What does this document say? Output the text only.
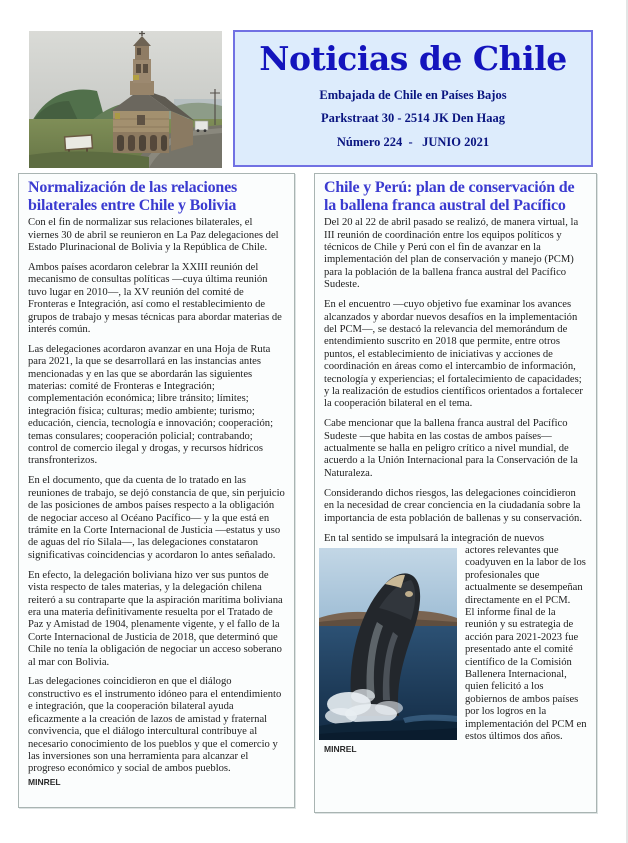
Noticias de Chile
Embajada de Chile en Países Bajos
Parkstraat 30 - 2514 JK Den Haag
Número 224  -   JUNIO 2021
Normalización de las relaciones bilaterales entre Chile y Bolivia

Con el fin de normalizar sus relaciones bilaterales, el viernes 30 de abril se reunieron en La Paz delegaciones del Estado Plurinacional de Bolivia y la República de Chile.

Ambos países acordaron celebrar la XXIII reunión del mecanismo de consultas políticas —cuya última reunión tuvo lugar en 2010—, la XV reunión del comité de Fronteras e Integración, así como el restablecimiento de grupos de trabajo y mesas técnicas para abordar materias de interés común.

Las delegaciones acordaron avanzar en una Hoja de Ruta para 2021, la que se desarrollará en las instancias antes mencionadas y en las que se abordarán las siguientes materias: comité de Fronteras e Integración; complementación económica; libre tránsito; límites; integración física; culturas; medio ambiente; turismo; educación, ciencia, tecnología e innovación; cooperación; temas consulares; cooperación policial; contrabando; control de comercio ilegal y drogas, y recursos hídricos transfronterizos.

En el documento, que da cuenta de lo tratado en las reuniones de trabajo, se dejó constancia de que, sin perjuicio de las posiciones de ambos países respecto a la obligación de negociar acceso al Océano Pacífico— y la que está en trámite en la Corte Internacional de Justicia —estatus y uso de aguas del río Silala—, las delegaciones constataron significativas coincidencias y acordaron lo antes señalado.

En efecto, la delegación boliviana hizo ver sus puntos de vista respecto de tales materias, y la delegación chilena reiteró a su contraparte que la aspiración marítima boliviana era una materia definitivamente resuelta por el Tratado de Paz y Amistad de 1904, plenamente vigente, y el fallo de la Corte Internacional de Justicia de 2018, que determinó que Chile no tenía la obligación de negociar un acceso soberano al mar con Bolivia.

Las delegaciones coincidieron en que el diálogo constructivo es el instrumento idóneo para el entendimiento e integración, que la cooperación bilateral ayuda eficazmente a la creación de lazos de amistad y fraternal convivencia, que el diálogo intercultural contribuye al necesario conocimiento de los pueblos y que el comercio y las inversiones son una herramienta para alcanzar el progreso económico y social de ambos pueblos.

MINREL
Chile y Perú: plan de conservación de la ballena franca austral del Pacífico

Del 20 al 22 de abril pasado se realizó, de manera virtual, la III reunión de coordinación entre los equipos políticos y técnicos de Chile y Perú con el fin de avanzar en la implementación del plan de conservación y manejo (PCM) para la población de la ballena franca austral del Pacífico Sudeste.

En el encuentro —cuyo objetivo fue examinar los avances alcanzados y abordar nuevos desafíos en la implementación del PCM—, se destacó la relevancia del memorándum de entendimiento suscrito en 2018 que permite, entre otros puntos, el establecimiento de iniciativas y acciones de coordinación en áreas como el intercambio de información, tecnología y experiencias; el fortalecimiento de capacidades; y la realización de estudios científicos orientados a fortalecer la cooperación bilateral en el tema.

Cabe mencionar que la ballena franca austral del Pacífico Sudeste —que habita en las costas de ambos países— actualmente se halla en peligro crítico a nivel mundial, de acuerdo a la Unión Internacional para la Conservación de la Naturaleza.

Considerando dichos riesgos, las delegaciones coincidieron en la necesidad de crear conciencia en la ciudadanía sobre la importancia de esta población de ballenas y su conservación.

En tal sentido se impulsará la integración de nuevos

actores relevantes que coadyuven en la labor de los profesionales que actualmente se desempeñan directamente en el PCM.

El informe final de la reunión y su estrategia de acción para 2021-2023 fue presentado ante el comité científico de la Comisión Ballenera Internacional, quien felicitó a los gobiernos de ambos países por los logros en la implementación del PCM en estos últimos dos años.

MINREL
